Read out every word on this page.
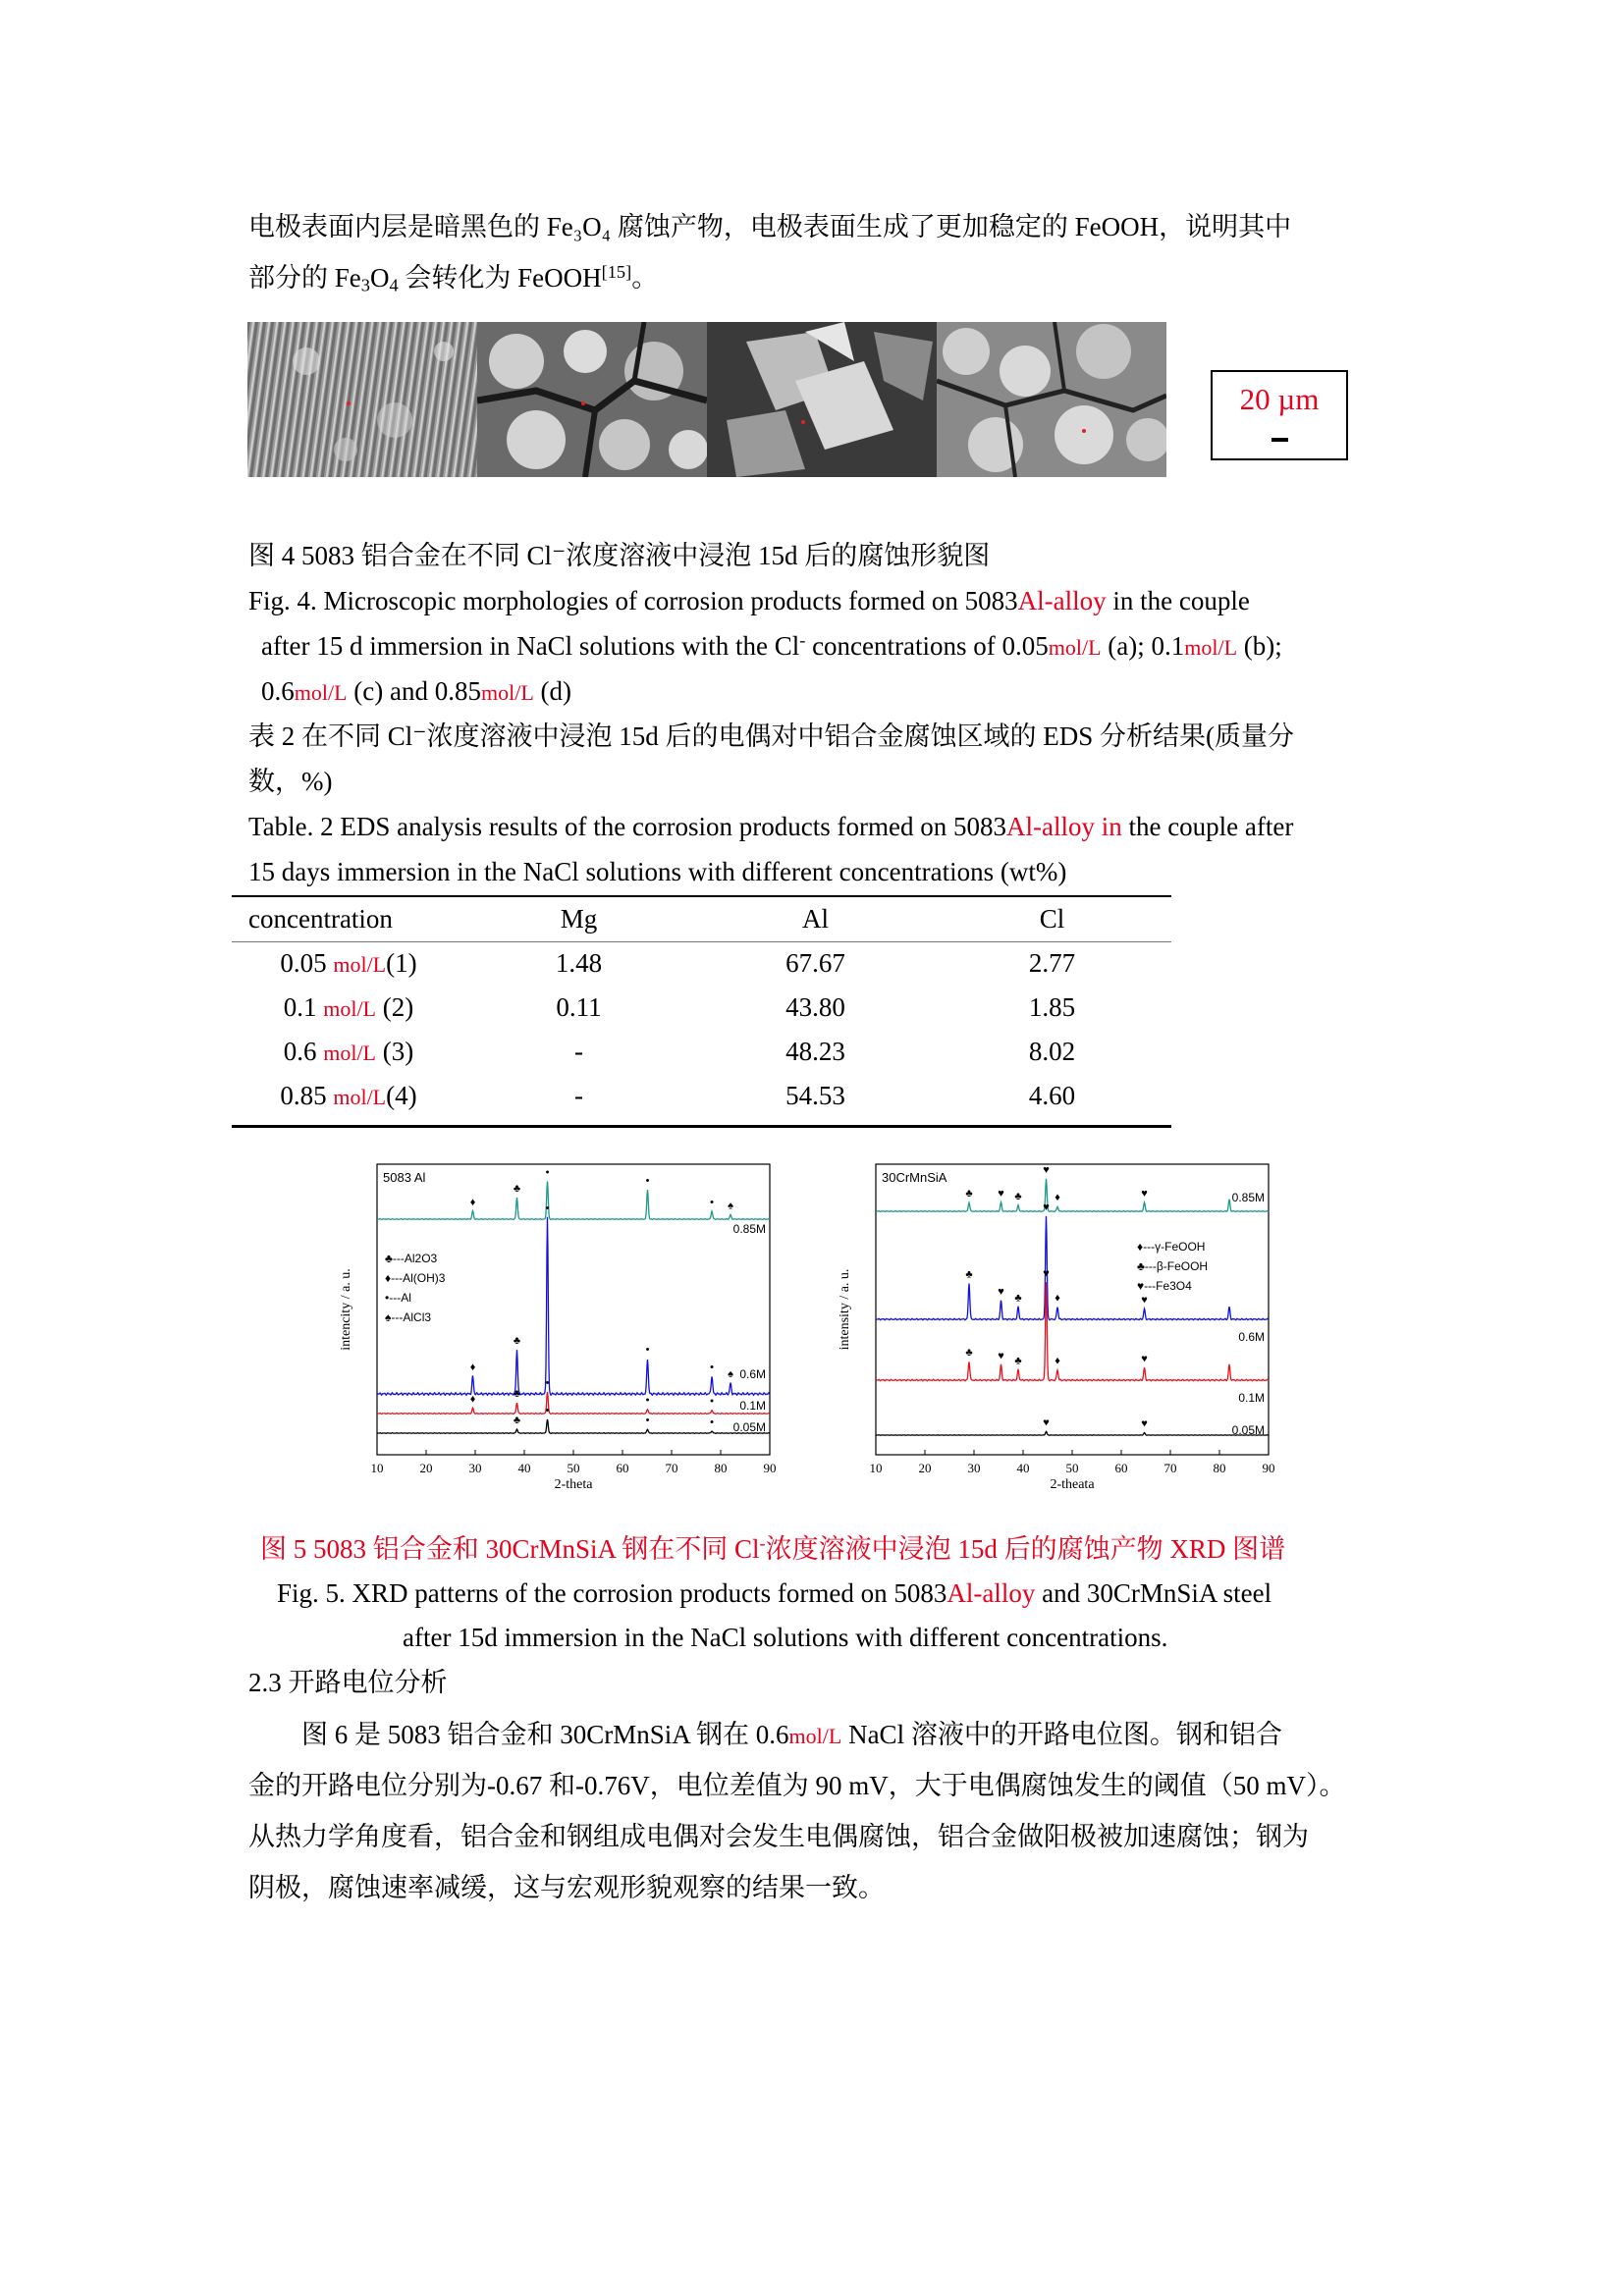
电极表面内层是暗黑色的 Fe₃O₄ 腐蚀产物，电极表面生成了更加稳定的 FeOOH，说明其中
部分的 $Fe_3O_4$ 会转化为 FeOOH[15]。
20 µm
图 4 5083 铝合金在不同 Cl⁻浓度溶液中浸泡 15d 后的腐蚀形貌图
Fig. 4. Microscopic morphologies of corrosion products formed on 5083Al-alloy in the couple
after 15 d immersion in NaCl solutions with the Cl- concentrations of 0.05mol/L (a); 0.1mol/L (b);
0.6mol/L (c) and 0.85mol/L (d)
表 2 在不同 Cl⁻浓度溶液中浸泡 15d 后的电偶对中铝合金腐蚀区域的 EDS 分析结果(质量分
数，%)
Table. 2 EDS analysis results of the corrosion products formed on 5083Al-alloy in the couple after
15 days immersion in the NaCl solutions with different concentrations (wt%)
concentration	Mg	Al	Cl
0.05 mol/L(1)	1.48	67.67	2.77
0.1 mol/L (2)	0.11	43.80	1.85
0.6 mol/L (3)	-	48.23	8.02
0.85 mol/L(4)	-	54.53	4.60
10	20	30	40	50	60	70	80	90
2-theta
intencity / a. u.
5083 Al
0.85M
♦
♣
•
•
• ♠
0.6M
♦
♣
•
•
•
♠
0.1M
♦	♣
•
•	•
0.05M
♣
•
•	•
♣---Al2O3
♦---Al(OH)3
•---Al
♠---AlCl3
10	20	30	40	50	60	70	80	90
2-theata
intensity / a. u.
30CrMnSiA
0.85M
♣ ♥ ♣
♥
♦	♥
0.6M
♣
♥
♣
♥
♦	♥
0.1M
♣ ♥ ♣
♥
♦	♥
0.05M
♥	♥
♦---γ-FeOOH
♣---β-FeOOH
♥---Fe3O4
图 5 5083 铝合金和 30CrMnSiA 钢在不同 Cl-浓度溶液中浸泡 15d 后的腐蚀产物 XRD 图谱
Fig. 5. XRD patterns of the corrosion products formed on 5083Al-alloy and 30CrMnSiA steel
after 15d immersion in the NaCl solutions with different concentrations.
2.3 开路电位分析
图 6 是 5083 铝合金和 30CrMnSiA 钢在 0.6mol/L NaCl 溶液中的开路电位图。钢和铝合
金的开路电位分别为-0.67 和-0.76V，电位差值为 90 mV，大于电偶腐蚀发生的阈值（50 mV）。
从热力学角度看，铝合金和钢组成电偶对会发生电偶腐蚀，铝合金做阳极被加速腐蚀；钢为
阴极，腐蚀速率减缓，这与宏观形貌观察的结果一致。
